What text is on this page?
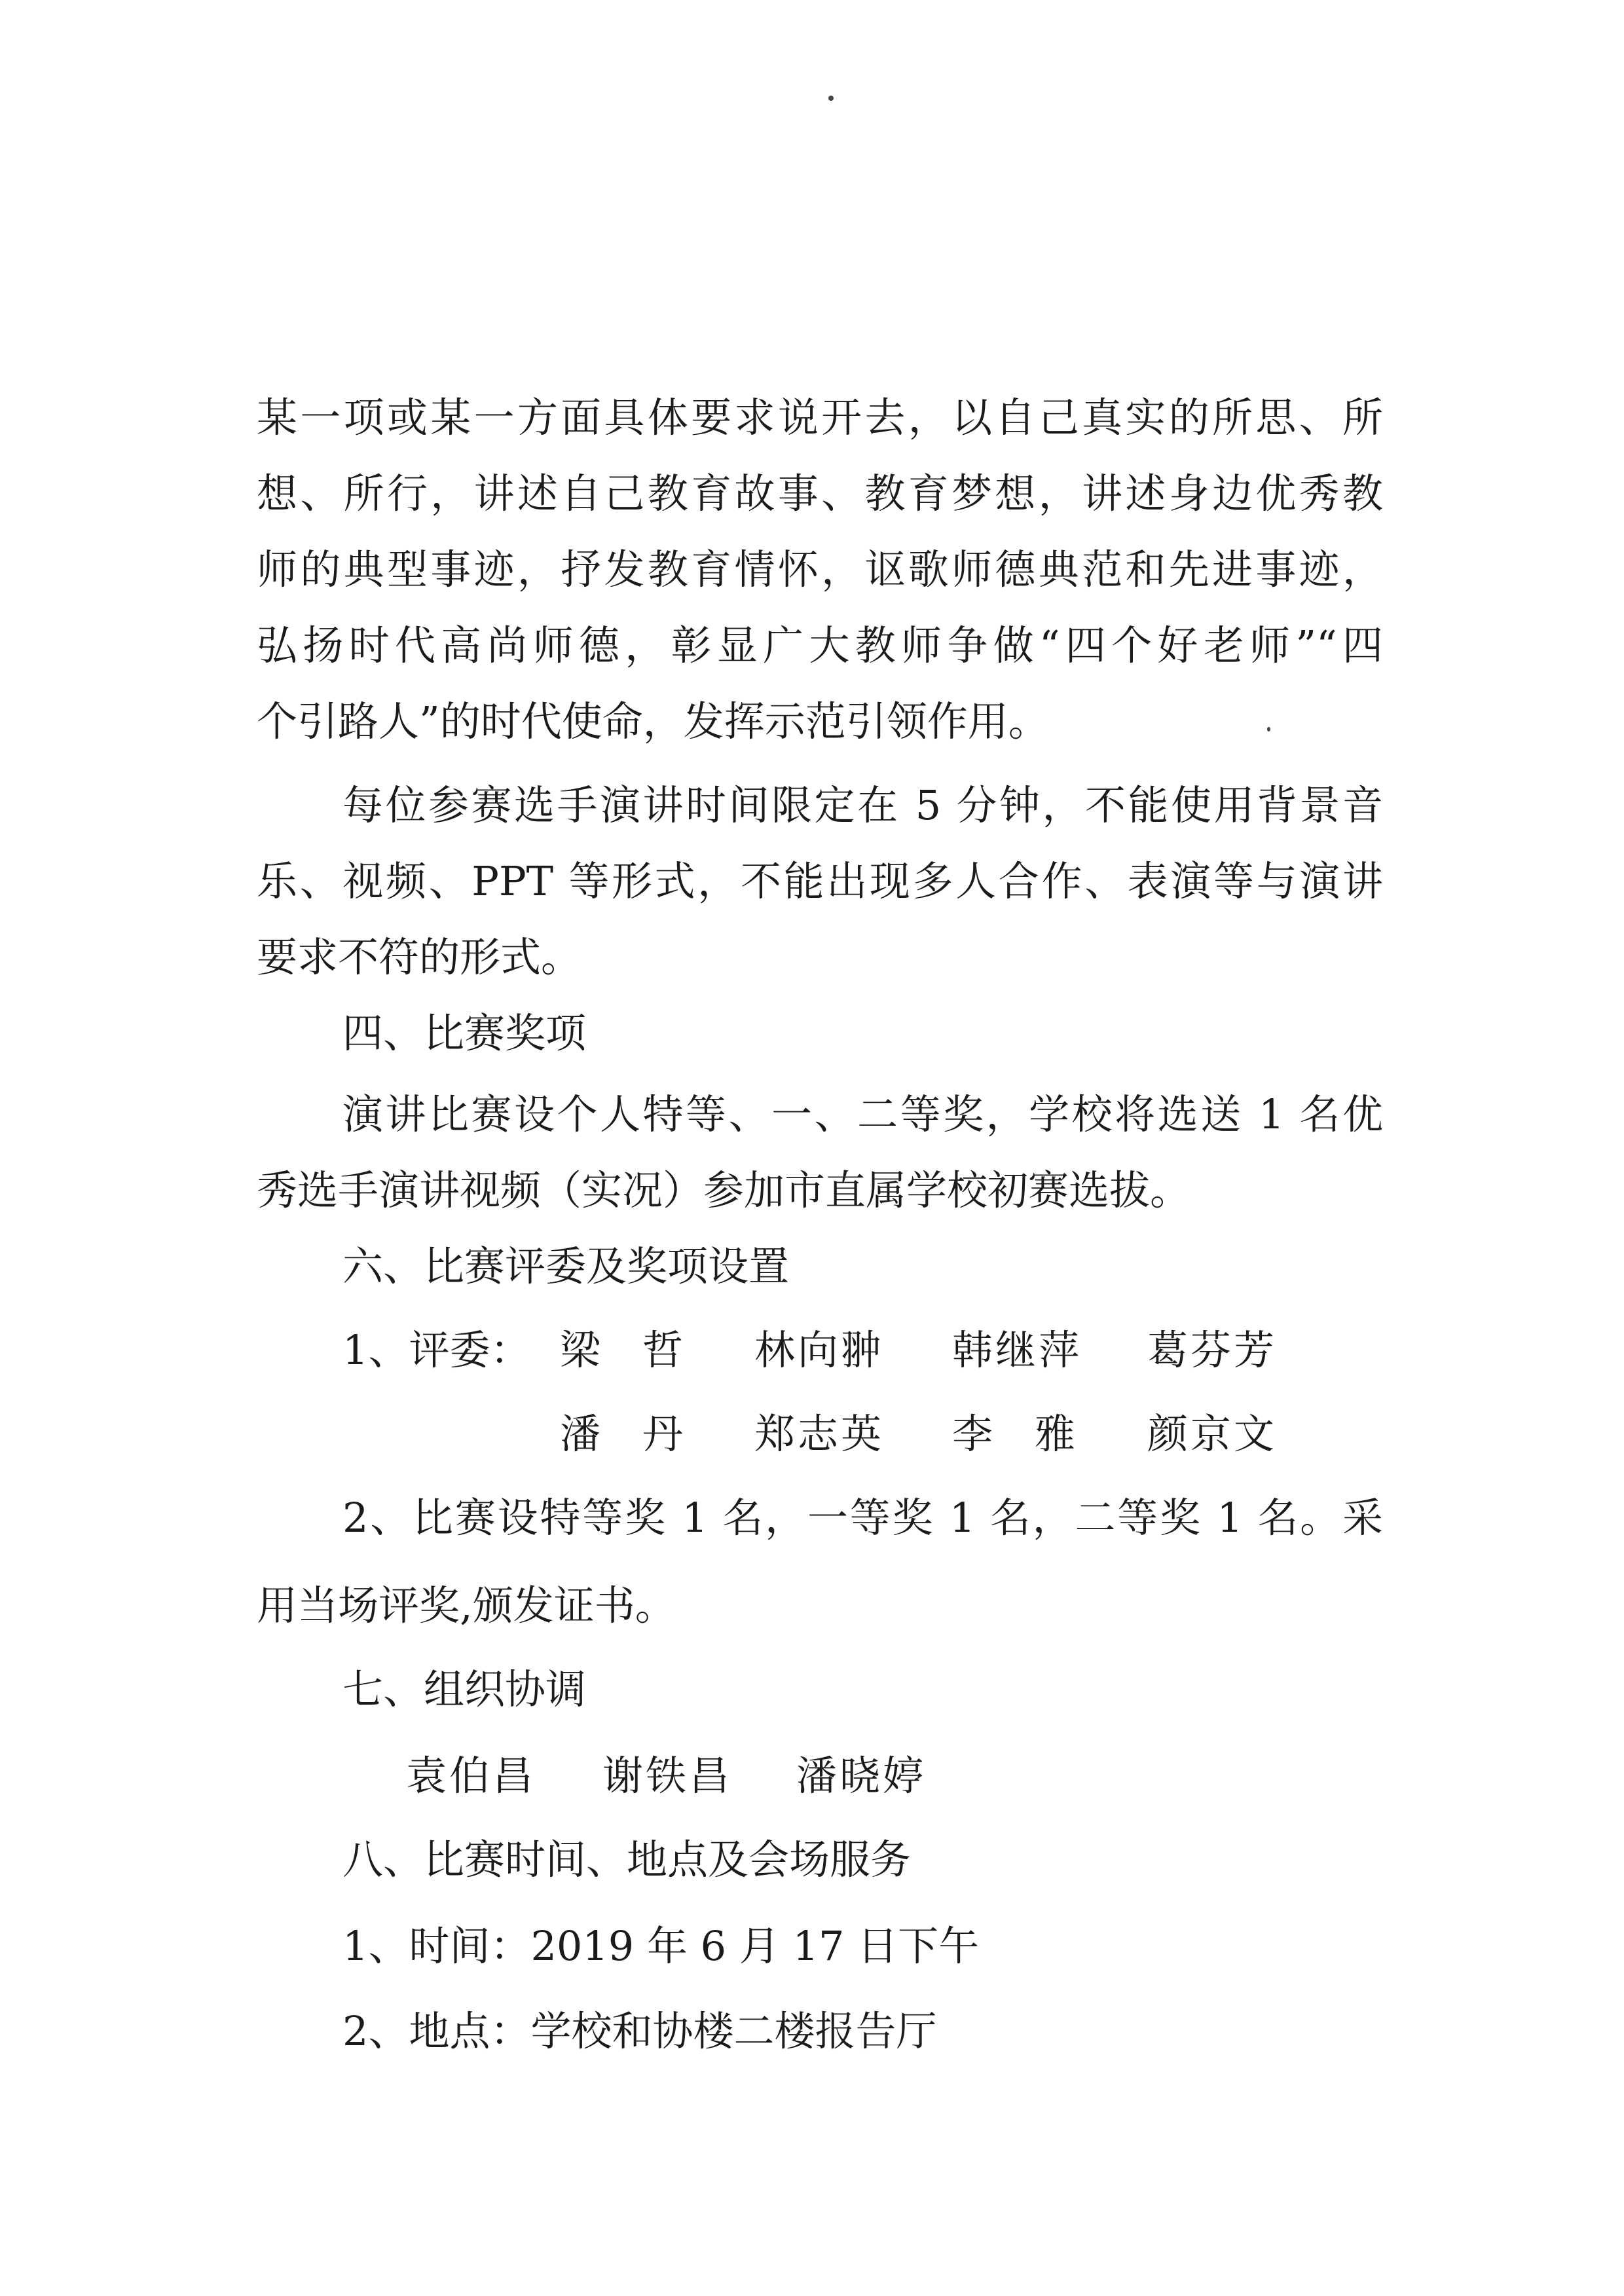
某一项或某一方面具体要求说开去，以自己真实的所思、所
想、所行，讲述自己教育故事、教育梦想，讲述身边优秀教
师的典型事迹，抒发教育情怀，讴歌师德典范和先进事迹，
弘扬时代高尚师德，彰显广大教师争做“四个好老师”“四
个引路人”的时代使命，发挥示范引领作用。
每位参赛选手演讲时间限定在 5 分钟，不能使用背景音
乐、视频、PPT 等形式，不能出现多人合作、表演等与演讲
要求不符的形式。
四、比赛奖项
演讲比赛设个人特等、一、二等奖，学校将选送 1 名优
秀选手演讲视频（实况）参加市直属学校初赛选拔。
六、比赛评委及奖项设置
1、评委： 梁哲 林向翀 韩继萍 葛芬芳
潘丹 郑志英 李雅 颜京文
2、比赛设特等奖 1 名，一等奖 1 名，二等奖 1 名。采
用当场评奖,颁发证书。
七、组织协调
袁伯昌 谢铁昌 潘晓婷
八、比赛时间、地点及会场服务
1、时间：2019 年 6 月 17 日下午
2、地点：学校和协楼二楼报告厅
